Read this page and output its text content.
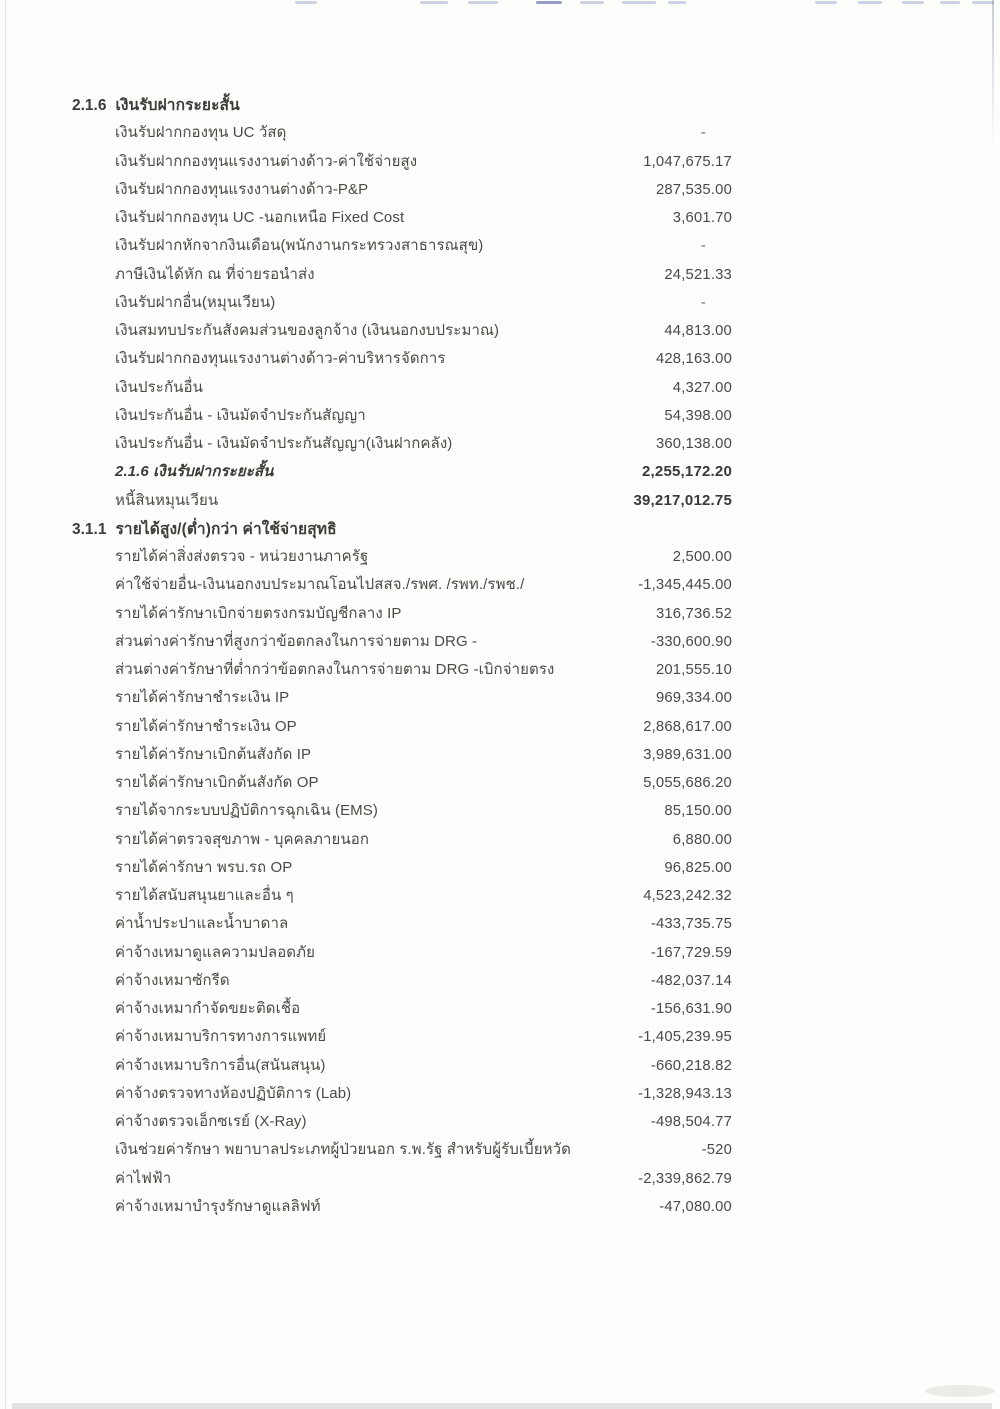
2.1.6 เงินรับฝากระยะสั้น
เงินรับฝากกองทุน UC วัสดุ	-
เงินรับฝากกองทุนแรงงานต่างด้าว-ค่าใช้จ่ายสูง	1,047,675.17
เงินรับฝากกองทุนแรงงานต่างด้าว-P&P	287,535.00
เงินรับฝากกองทุน UC -นอกเหนือ Fixed Cost	3,601.70
เงินรับฝากหักจากงินเดือน(พนักงานกระทรวงสาธารณสุข)	-
ภาษีเงินได้หัก ณ ที่จ่ายรอนำส่ง	24,521.33
เงินรับฝากอื่น(หมุนเวียน)	-
เงินสมทบประกันสังคมส่วนของลูกจ้าง (เงินนอกงบประมาณ)	44,813.00
เงินรับฝากกองทุนแรงงานต่างด้าว-ค่าบริหารจัดการ	428,163.00
เงินประกันอื่น	4,327.00
เงินประกันอื่น - เงินมัดจำประกันสัญญา	54,398.00
เงินประกันอื่น - เงินมัดจำประกันสัญญา(เงินฝากคลัง)	360,138.00
2.1.6 เงินรับฝากระยะสั้น	2,255,172.20
หนี้สินหมุนเวียน	39,217,012.75
3.1.1 รายได้สูง/(ต่ำ)กว่า ค่าใช้จ่ายสุทธิ
รายได้ค่าสิ่งส่งตรวจ - หน่วยงานภาครัฐ	2,500.00
ค่าใช้จ่ายอื่น-เงินนอกงบประมาณโอนไปสสจ./รพศ. /รพท./รพช./	-1,345,445.00
รายได้ค่ารักษาเบิกจ่ายตรงกรมบัญชีกลาง IP	316,736.52
ส่วนต่างค่ารักษาที่สูงกว่าข้อตกลงในการจ่ายตาม DRG -	-330,600.90
ส่วนต่างค่ารักษาที่ต่ำกว่าข้อตกลงในการจ่ายตาม DRG -เบิกจ่ายตรง	201,555.10
รายได้ค่ารักษาชำระเงิน IP	969,334.00
รายได้ค่ารักษาชำระเงิน OP	2,868,617.00
รายได้ค่ารักษาเบิกต้นสังกัด IP	3,989,631.00
รายได้ค่ารักษาเบิกต้นสังกัด OP	5,055,686.20
รายได้จากระบบปฏิบัติการฉุกเฉิน (EMS)	85,150.00
รายได้ค่าตรวจสุขภาพ - บุคคลภายนอก	6,880.00
รายได้ค่ารักษา พรบ.รถ OP	96,825.00
รายได้สนับสนุนยาและอื่น ๆ	4,523,242.32
ค่าน้ำประปาและน้ำบาดาล	-433,735.75
ค่าจ้างเหมาดูแลความปลอดภัย	-167,729.59
ค่าจ้างเหมาซักรีด	-482,037.14
ค่าจ้างเหมากำจัดขยะติดเชื้อ	-156,631.90
ค่าจ้างเหมาบริการทางการแพทย์	-1,405,239.95
ค่าจ้างเหมาบริการอื่น(สนันสนุน)	-660,218.82
ค่าจ้างตรวจทางห้องปฏิบัติการ (Lab)	-1,328,943.13
ค่าจ้างตรวจเอ็กซเรย์ (X-Ray)	-498,504.77
เงินช่วยค่ารักษา พยาบาลประเภทผู้ป่วยนอก ร.พ.รัฐ สำหรับผู้รับเบี้ยหวัด	-520
ค่าไฟฟ้า	-2,339,862.79
ค่าจ้างเหมาบำรุงรักษาดูแลลิฟท์	-47,080.00
